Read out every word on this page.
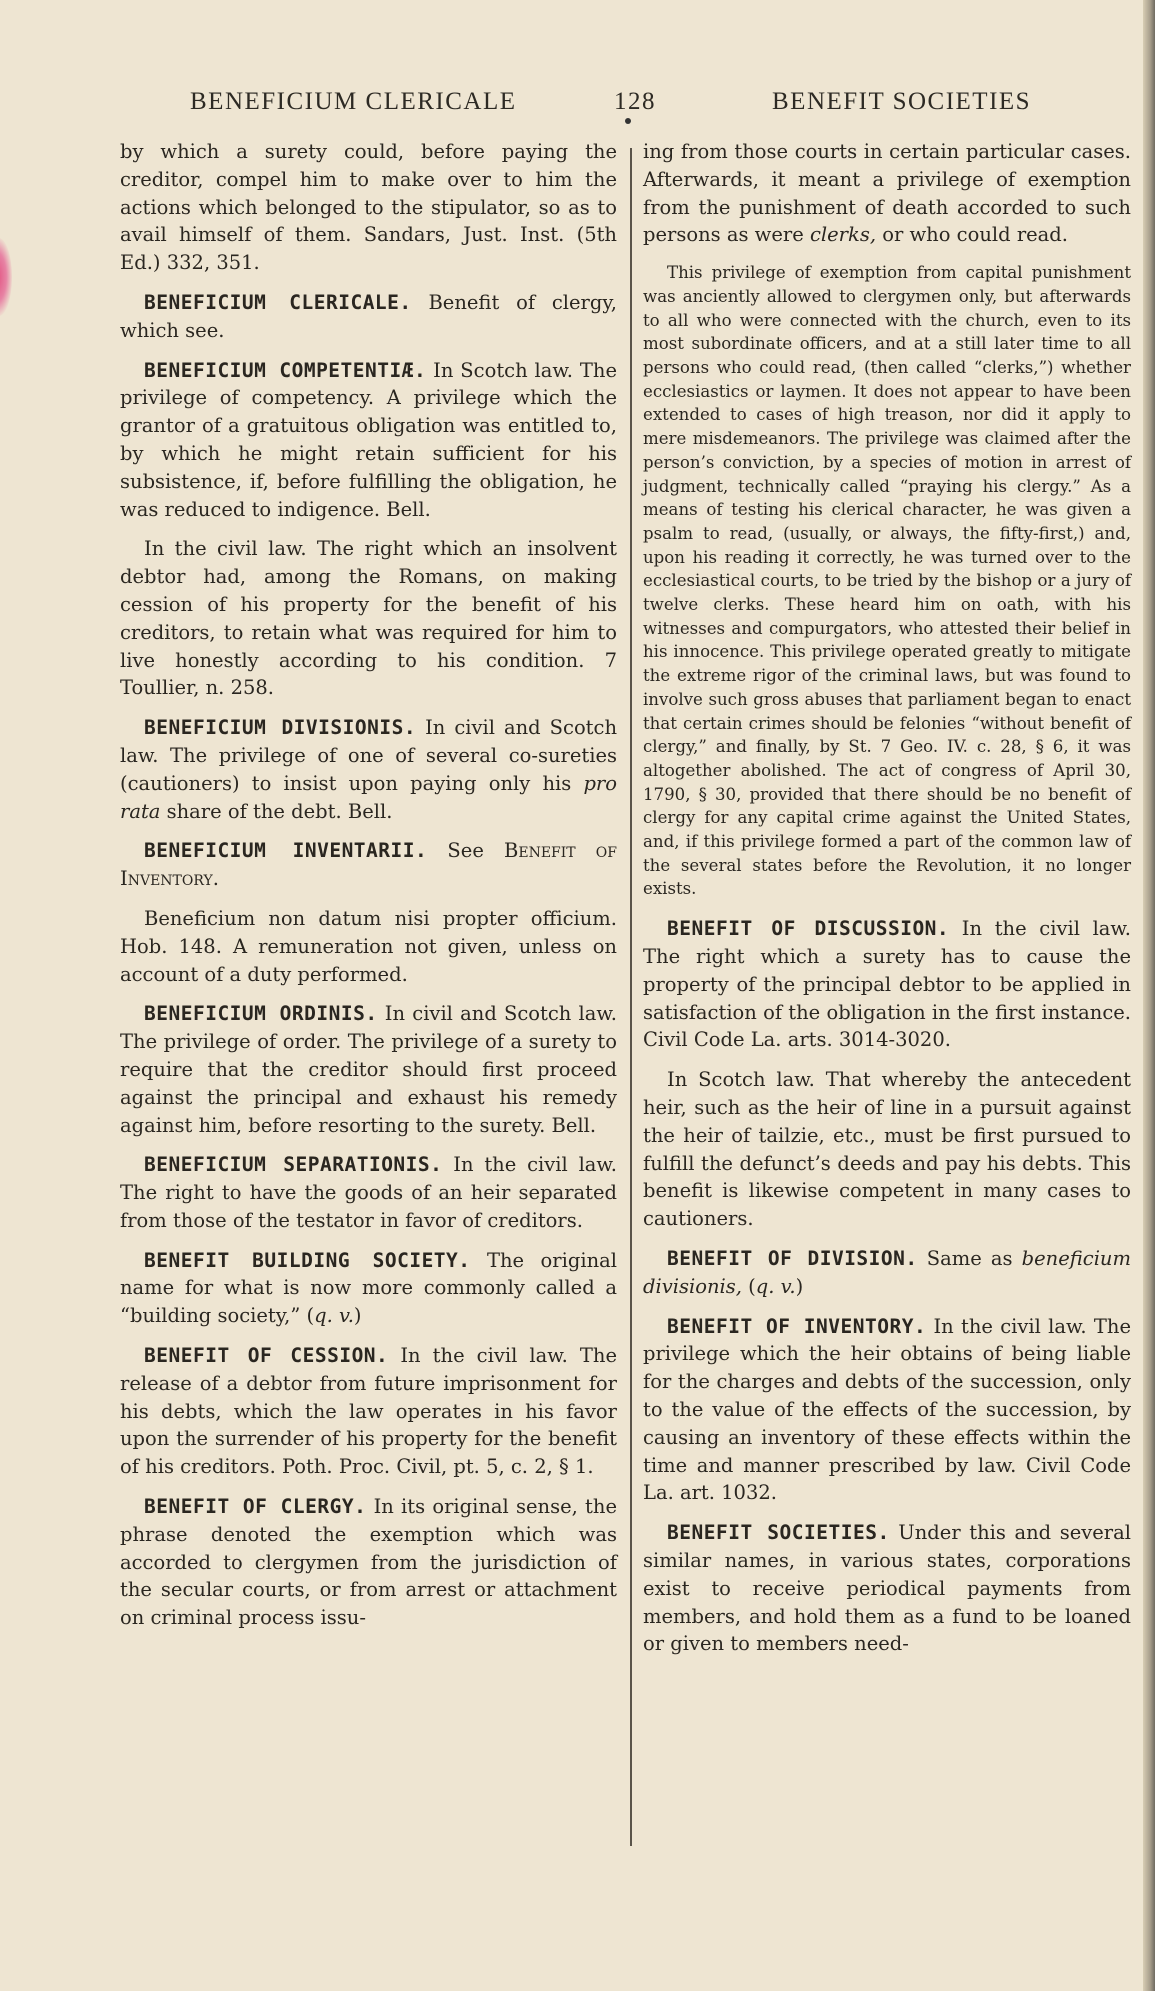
BENEFICIUM CLERICALE	128	BENEFIT SOCIETIES

by which a surety could, before paying the creditor, compel him to make over to him the actions which belonged to the stipulator, so as to avail himself of them. Sandars, Just. Inst. (5th Ed.) 332, 351.

BENEFICIUM CLERICALE. Benefit of clergy, which see.

BENEFICIUM COMPETENTIÆ. In Scotch law. The privilege of competency. A privilege which the grantor of a gratuitous obligation was entitled to, by which he might retain sufficient for his subsistence, if, before fulfilling the obligation, he was reduced to indigence. Bell.

In the civil law. The right which an insolvent debtor had, among the Romans, on making cession of his property for the benefit of his creditors, to retain what was required for him to live honestly according to his condition. 7 Toullier, n. 258.

BENEFICIUM DIVISIONIS. In civil and Scotch law. The privilege of one of several co-sureties (cautioners) to insist upon paying only his pro rata share of the debt. Bell.

BENEFICIUM INVENTARII. See Benefit of Inventory.

Beneficium non datum nisi propter officium. Hob. 148. A remuneration not given, unless on account of a duty performed.

BENEFICIUM ORDINIS. In civil and Scotch law. The privilege of order. The privilege of a surety to require that the creditor should first proceed against the principal and exhaust his remedy against him, before resorting to the surety. Bell.

BENEFICIUM SEPARATIONIS. In the civil law. The right to have the goods of an heir separated from those of the testator in favor of creditors.

BENEFIT BUILDING SOCIETY. The original name for what is now more commonly called a “building society,” (q. v.)

BENEFIT OF CESSION. In the civil law. The release of a debtor from future imprisonment for his debts, which the law operates in his favor upon the surrender of his property for the benefit of his creditors. Poth. Proc. Civil, pt. 5, c. 2, § 1.

BENEFIT OF CLERGY. In its original sense, the phrase denoted the exemption which was accorded to clergymen from the jurisdiction of the secular courts, or from arrest or attachment on criminal process issu-

ing from those courts in certain particular cases. Afterwards, it meant a privilege of exemption from the punishment of death accorded to such persons as were clerks, or who could read.

This privilege of exemption from capital punishment was anciently allowed to clergymen only, but afterwards to all who were connected with the church, even to its most subordinate officers, and at a still later time to all persons who could read, (then called “clerks,”) whether ecclesiastics or laymen. It does not appear to have been extended to cases of high treason, nor did it apply to mere misdemeanors. The privilege was claimed after the person’s conviction, by a species of motion in arrest of judgment, technically called “praying his clergy.” As a means of testing his clerical character, he was given a psalm to read, (usually, or always, the fifty-first,) and, upon his reading it correctly, he was turned over to the ecclesiastical courts, to be tried by the bishop or a jury of twelve clerks. These heard him on oath, with his witnesses and compurgators, who attested their belief in his innocence. This privilege operated greatly to mitigate the extreme rigor of the criminal laws, but was found to involve such gross abuses that parliament began to enact that certain crimes should be felonies “without benefit of clergy,” and finally, by St. 7 Geo. IV. c. 28, § 6, it was altogether abolished. The act of congress of April 30, 1790, § 30, provided that there should be no benefit of clergy for any capital crime against the United States, and, if this privilege formed a part of the common law of the several states before the Revolution, it no longer exists.

BENEFIT OF DISCUSSION. In the civil law. The right which a surety has to cause the property of the principal debtor to be applied in satisfaction of the obligation in the first instance. Civil Code La. arts. 3014-3020.

In Scotch law. That whereby the antecedent heir, such as the heir of line in a pursuit against the heir of tailzie, etc., must be first pursued to fulfill the defunct’s deeds and pay his debts. This benefit is likewise competent in many cases to cautioners.

BENEFIT OF DIVISION. Same as beneficium divisionis, (q. v.)

BENEFIT OF INVENTORY. In the civil law. The privilege which the heir obtains of being liable for the charges and debts of the succession, only to the value of the effects of the succession, by causing an inventory of these effects within the time and manner prescribed by law. Civil Code La. art. 1032.

BENEFIT SOCIETIES. Under this and several similar names, in various states, corporations exist to receive periodical payments from members, and hold them as a fund to be loaned or given to members need-
